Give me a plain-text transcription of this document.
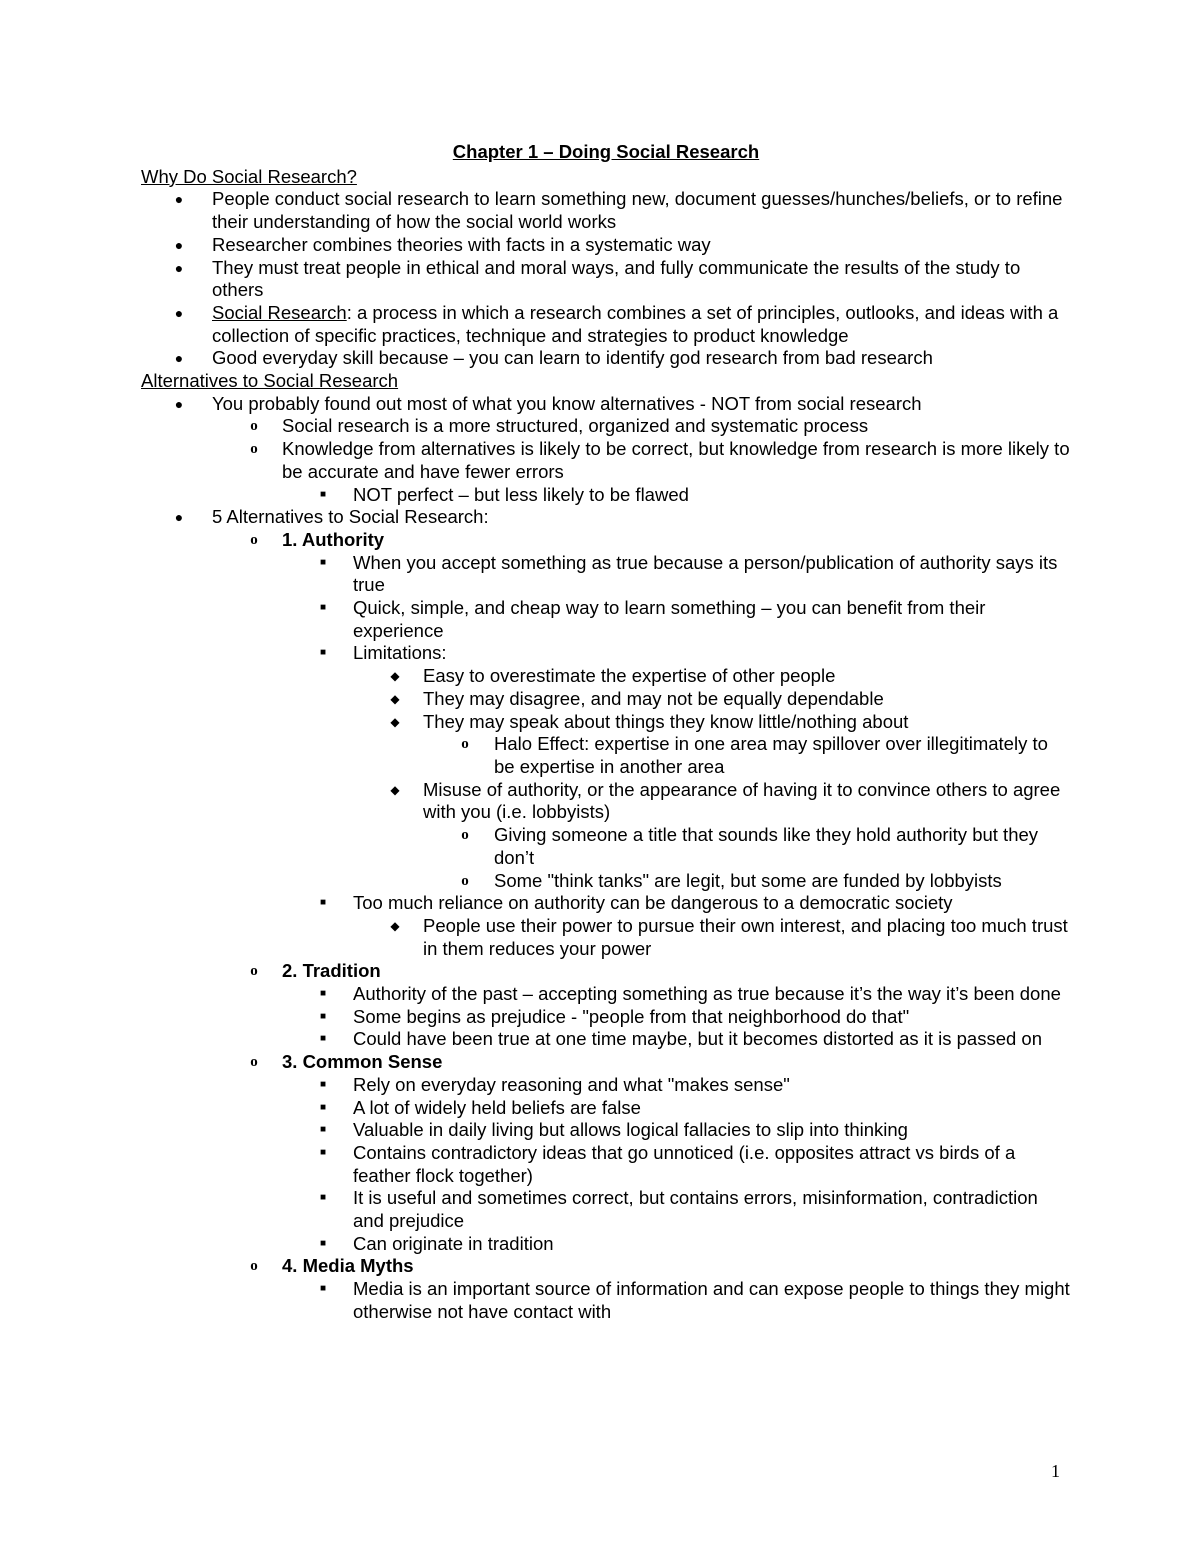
Chapter 1 – Doing Social Research

Why Do Social Research?

●	People conduct social research to learn something new, document guesses/hunches/beliefs, or to refine their understanding of how the social world works
●	Researcher combines theories with facts in a systematic way
●	They must treat people in ethical and moral ways, and fully communicate the results of the study to others
●	Social Research: a process in which a research combines a set of principles, outlooks, and ideas with a collection of specific practices, technique and strategies to product knowledge
●	Good everyday skill because – you can learn to identify god research from bad research

Alternatives to Social Research

●	You probably found out most of what you know alternatives - NOT from social research
o	Social research is a more structured, organized and systematic process
o	Knowledge from alternatives is likely to be correct, but knowledge from research is more likely to be accurate and have fewer errors
■	NOT perfect – but less likely to be flawed
●	5 Alternatives to Social Research:
o	1. Authority
■	When you accept something as true because a person/publication of authority says its true
■	Quick, simple, and cheap way to learn something – you can benefit from their experience
■	Limitations:
◆ Easy to overestimate the expertise of other people
◆ They may disagree, and may not be equally dependable
◆ They may speak about things they know little/nothing about
o	Halo Effect: expertise in one area may spillover over illegitimately to be expertise in another area
◆ Misuse of authority, or the appearance of having it to convince others to agree with you (i.e. lobbyists)
o	Giving someone a title that sounds like they hold authority but they don’t
o	Some "think tanks" are legit, but some are funded by lobbyists
■	Too much reliance on authority can be dangerous to a democratic society
◆ People use their power to pursue their own interest, and placing too much trust in them reduces your power
o	2. Tradition
■	Authority of the past – accepting something as true because it’s the way it’s been done
■	Some begins as prejudice - "people from that neighborhood do that"
■	Could have been true at one time maybe, but it becomes distorted as it is passed on
o	3. Common Sense
■	Rely on everyday reasoning and what "makes sense"
■	A lot of widely held beliefs are false
■	Valuable in daily living but allows logical fallacies to slip into thinking
■	Contains contradictory ideas that go unnoticed (i.e. opposites attract vs birds of a feather flock together)
■	It is useful and sometimes correct, but contains errors, misinformation, contradiction and prejudice
■	Can originate in tradition
o	4. Media Myths
■	Media is an important source of information and can expose people to things they might otherwise not have contact with
1
